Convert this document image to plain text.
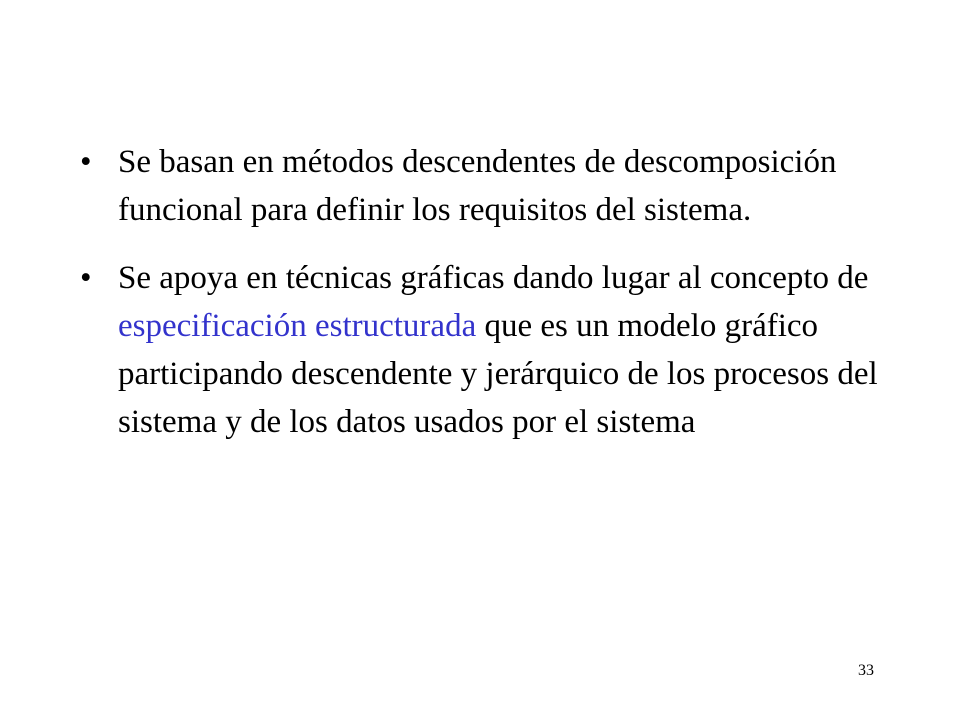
• Se basan en métodos descendentes de descomposición funcional para definir los requisitos del sistema.
• Se apoya en técnicas gráficas dando lugar al concepto de especificación estructurada que es un modelo gráfico participando descendente y jerárquico de los procesos del sistema y de los datos usados por el sistema
33
